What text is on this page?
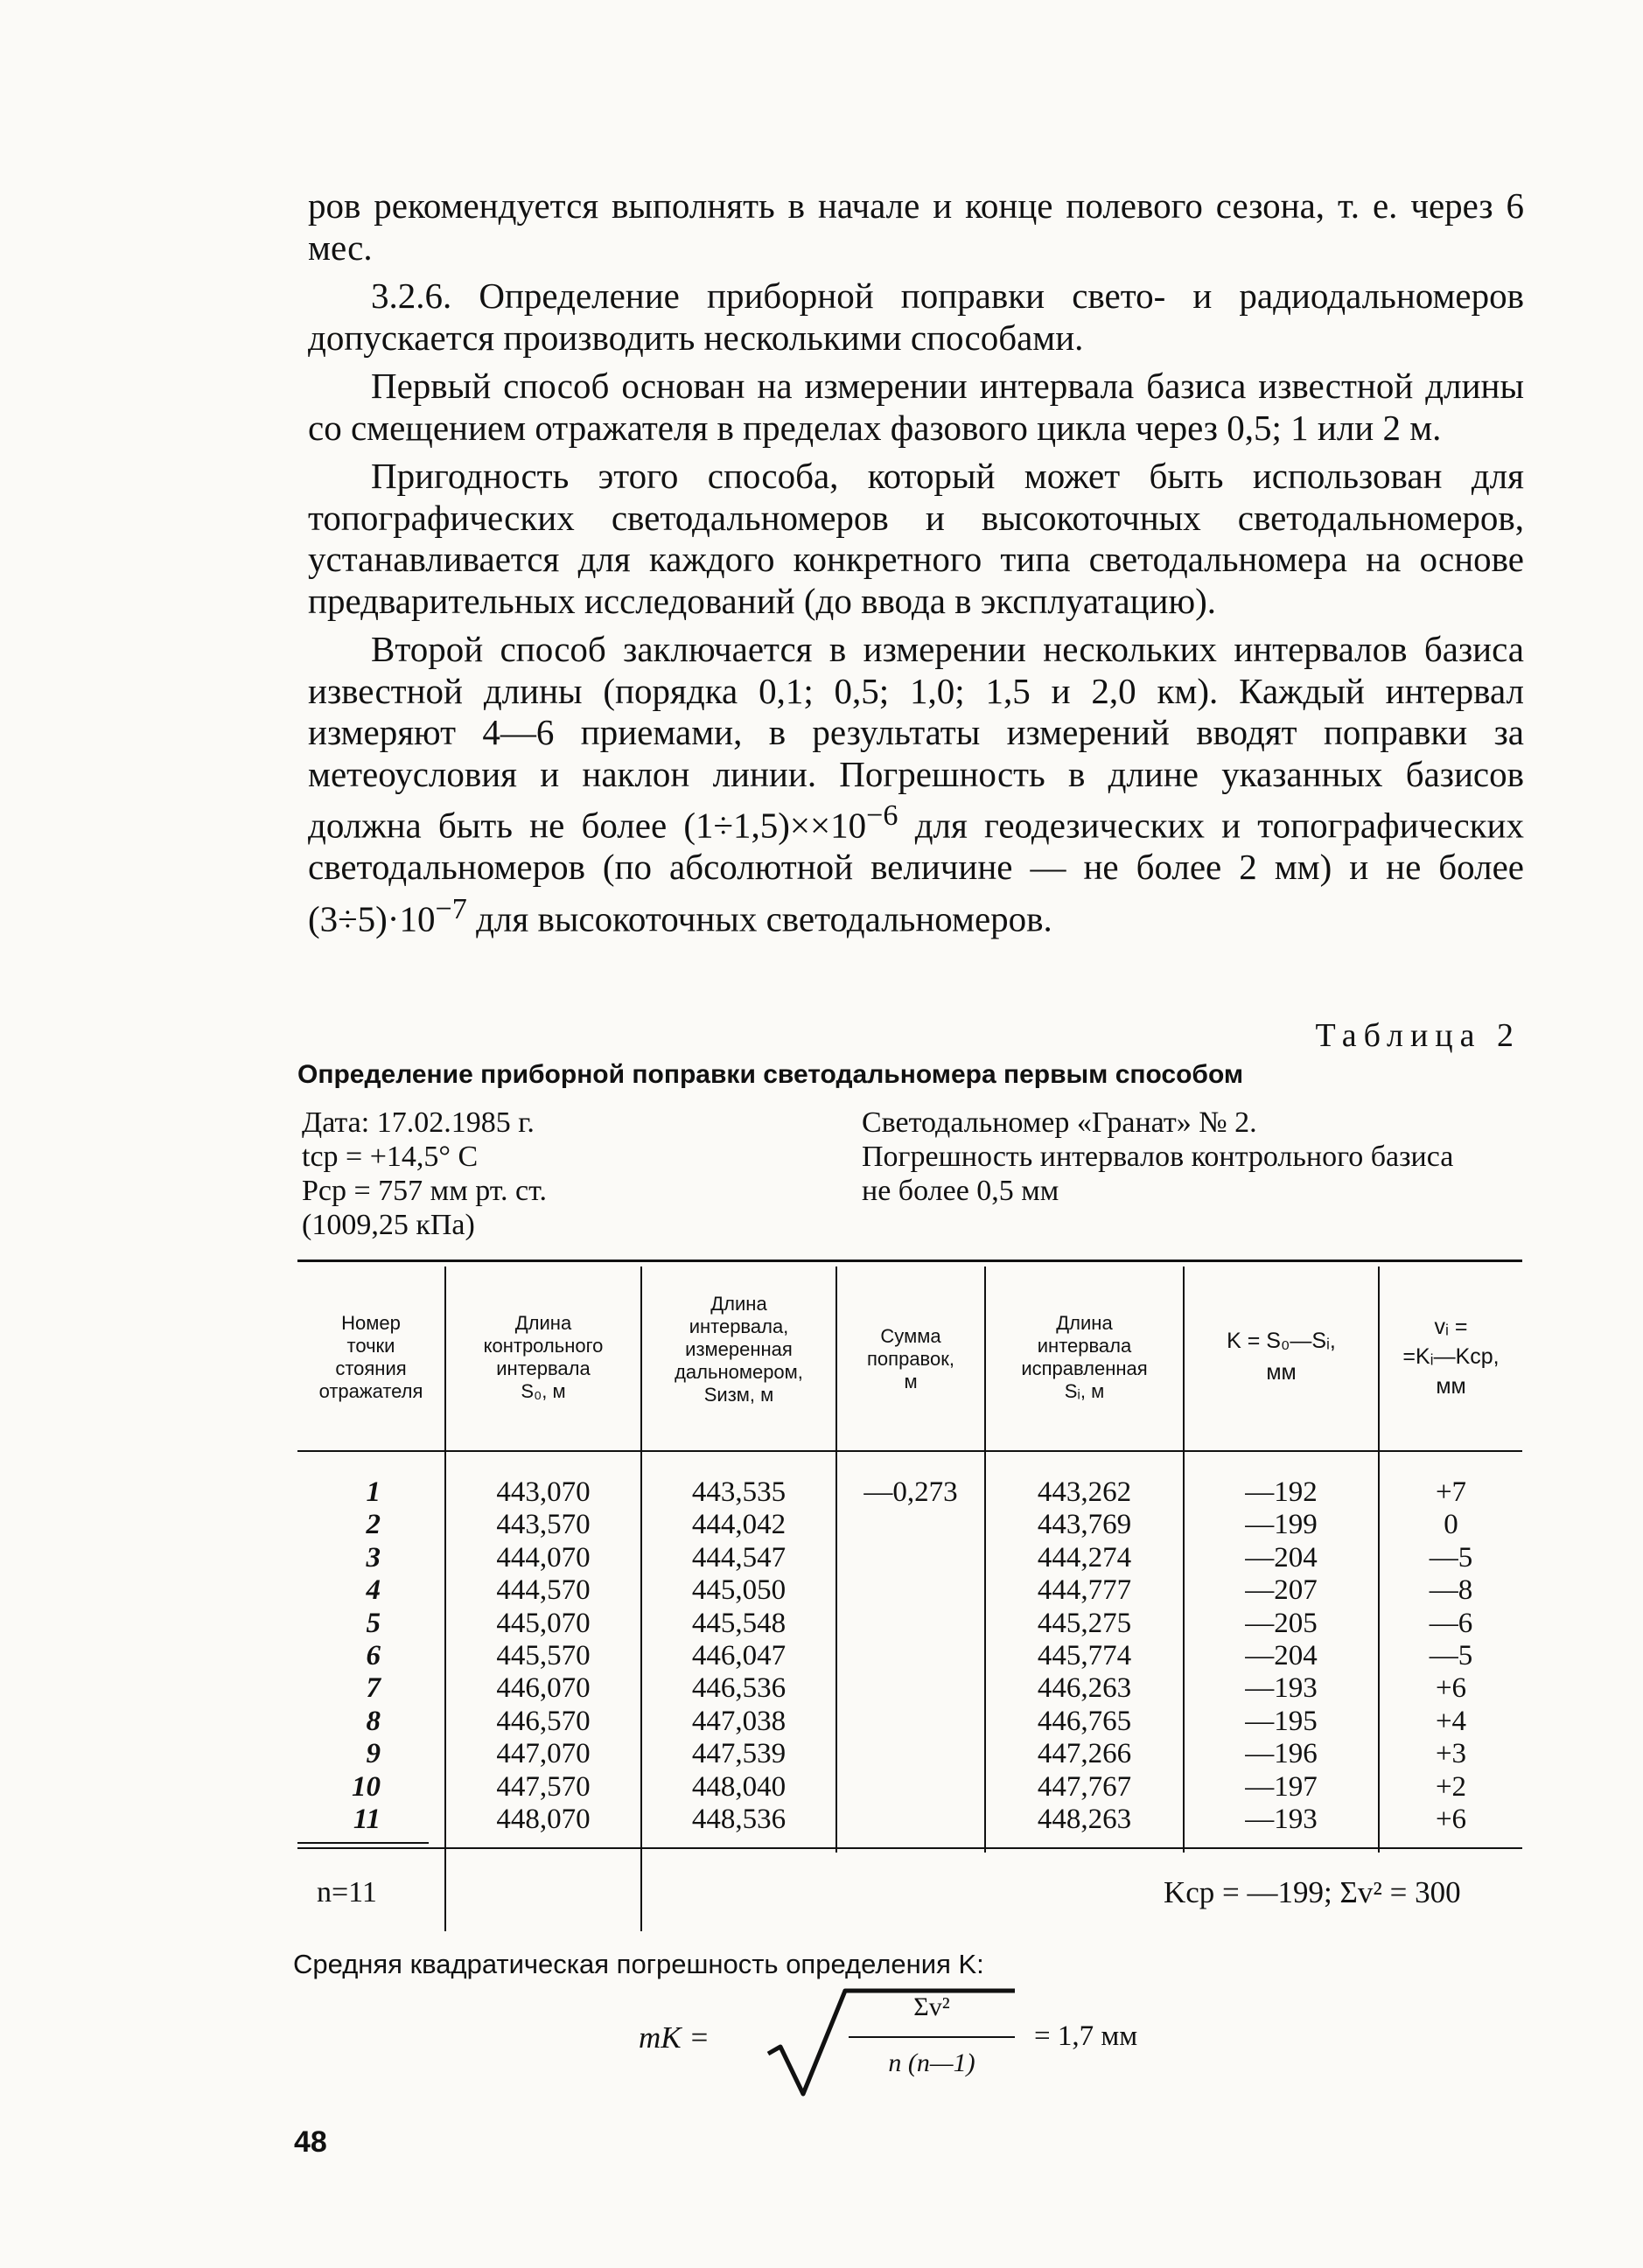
ров рекомендуется выполнять в начале и конце полевого сезона, т. е. через 6 мес.

3.2.6. Определение приборной поправки свето- и радиодальномеров допускается производить несколькими способами.

Первый способ основан на измерении интервала базиса известной длины со смещением отражателя в пределах фазового цикла через 0,5; 1 или 2 м.

Пригодность этого способа, который может быть использован для топографических светодальномеров и высокоточных светодальномеров, устанавливается для каждого конкретного типа светодальномера на основе предварительных исследований (до ввода в эксплуатацию).

Второй способ заключается в измерении нескольких интервалов базиса известной длины (порядка 0,1; 0,5; 1,0; 1,5 и 2,0 км). Каждый интервал измеряют 4—6 приемами, в результаты измерений вводят поправки за метеоусловия и наклон линии. Погрешность в длине указанных базисов должна быть не более $(1\div 1,5)\times\times 10^{-6}$ для геодезических и топографических светодальномеров (по абсолютной величине — не более 2 мм) и не более $(3\div 5)\cdot 10^{-7}$ для высокоточных светодальномеров.

Таблица 2
Определение приборной поправки светодальномера первым способом
Дата: 17.02.1985 г.
tср = +14,5° C
Pср = 757 мм рт. ст.
(1009,25 кПа)
Светодальномер «Гранат» № 2.
Погрешность интервалов контрольного базиса
не более 0,5 мм
Номер
точки
стояния
отражателя
Длина
контрольного
интервала
S₀, м
Длина
интервала,
измеренная
дальномером,
Sизм, м
Сумма
поправок,
м
Длина
интервала
исправленная
Sᵢ, м
K = S₀—Sᵢ,
мм
vᵢ =
=Kᵢ—Kср,
мм
1
2
3
4
5
6
7
8
9
10
11
443,070
443,570
444,070
444,570
445,070
445,570
446,070
446,570
447,070
447,570
448,070
443,535
444,042
444,547
445,050
445,548
446,047
446,536
447,038
447,539
448,040
448,536
—0,273	443,262
443,769
444,274
444,777
445,275
445,774
446,263
446,765
447,266
447,767
448,263
—192
—199
—204
—207
—205
—204
—193
—195
—196
—197
—193
+7
0
—5
—8
—6
—5
+6
+4
+3
+2
+6
n=11	Kср = —199; Σv² = 300
Средняя квадратическая погрешность определения K:
mK =
Σv²
n (n—1)
= 1,7 мм
48
